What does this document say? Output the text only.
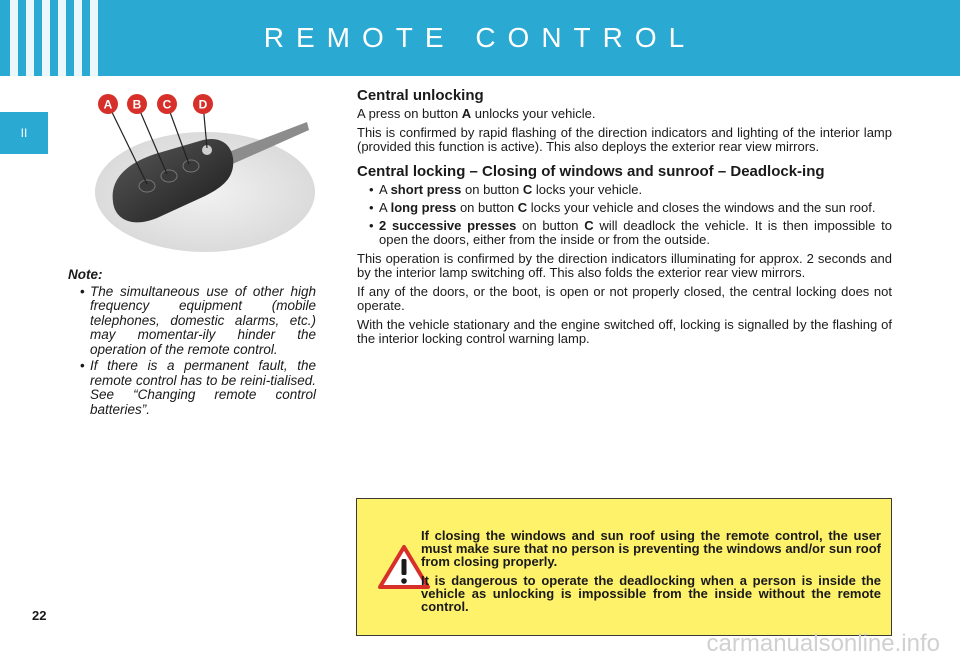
REMOTE CONTROL
II
A B C D
Note:
• The simultaneous use of other high frequency equipment (mobile telephones, domestic alarms, etc.) may momentar-ily hinder the operation of the remote control.
• If there is a permanent fault, the remote control has to be reini-tialised. See “Changing remote control batteries”.
Central unlocking

A press on button A unlocks your vehicle.

This is confirmed by rapid flashing of the direction indicators and lighting of the interior lamp (provided this function is active). This also deploys the exterior rear view mirrors.

Central locking – Closing of windows and sunroof – Deadlock-ing
• A short press on button C locks your vehicle.
• A long press on button C locks your vehicle and closes the windows and the sun roof.
• 2 successive presses on button C will deadlock the vehicle. It is then impossible to open the doors, either from the inside or from the outside.

This operation is confirmed by the direction indicators illuminating for approx. 2 seconds and by the interior lamp switching off. This also folds the exterior rear view mirrors.

If any of the doors, or the boot, is open or not properly closed, the central locking does not operate.

With the vehicle stationary and the engine switched off, locking is signalled by the flashing of the interior locking control warning lamp.

If closing the windows and sun roof using the remote control, the user must make sure that no person is preventing the windows and/or sun roof from closing properly.

It is dangerous to operate the deadlocking when a person is inside the vehicle as unlocking is impossible from the inside without the remote control.

22
carmanualsonline.info
